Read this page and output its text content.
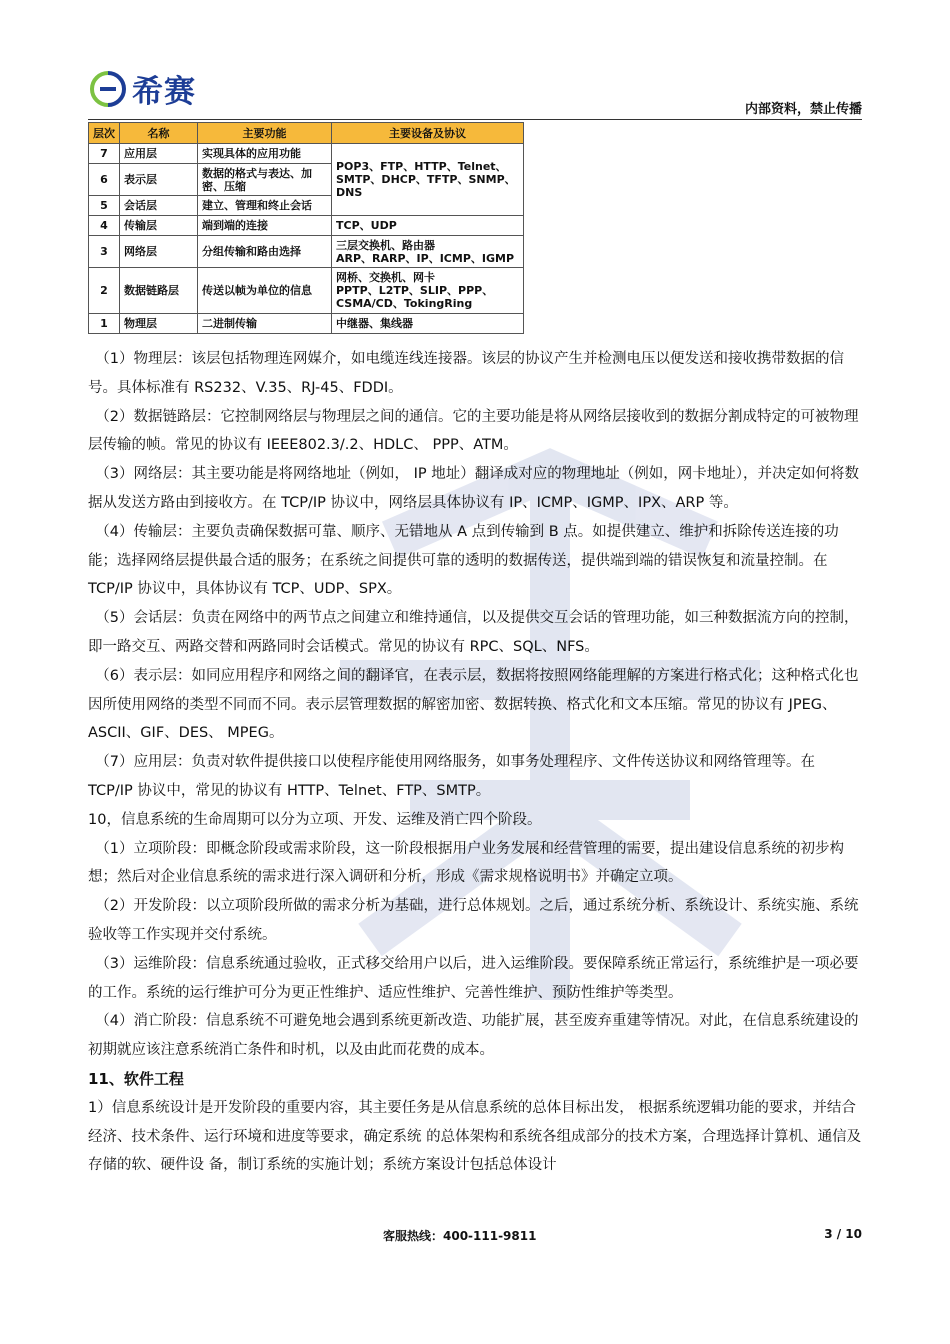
希赛	内部资料，禁止传播
层次	名称	主要功能	主要设备及协议
7	应用层	实现具体的应用功能	POP3、FTP、HTTP、Telnet、SMTP、DHCP、TFTP、SNMP、DNS
6	表示层	数据的格式与表达、加密、压缩	
5	会话层	建立、管理和终止会话	
4	传输层	端到端的连接	TCP、UDP
3	网络层	分组传输和路由选择	三层交换机、路由器
ARP、RARP、IP、ICMP、IGMP

2	数据链路层	传送以帧为单位的信息	网桥、交换机、网卡
PPTP、L2TP、SLIP、PPP、
CSMA/CD、TokingRing

1	物理层	二进制传输	中继器、集线器

（1）物理层：该层包括物理连网媒介，如电缆连线连接器。该层的协议产生并检测电压以便发送和接收携带数据的信号。具体标准有 RS232、V.35、RJ-45、FDDI。

（2）数据链路层：它控制网络层与物理层之间的通信。它的主要功能是将从网络层接收到的数据分割成特定的可被物理层传输的帧。常见的协议有 IEEE802.3/.2、HDLC、 PPP、ATM。

（3）网络层：其主要功能是将网络地址（例如， IP 地址）翻译成对应的物理地址（例如，网卡地址），并决定如何将数据从发送方路由到接收方。在 TCP/IP 协议中，网络层具体协议有 IP、ICMP、IGMP、IPX、ARP 等。

（4）传输层：主要负责确保数据可靠、顺序、无错地从 A 点到传输到 B 点。如提供建立、维护和拆除传送连接的功能；选择网络层提供最合适的服务；在系统之间提供可靠的透明的数据传送，提供端到端的错误恢复和流量控制。在 TCP/IP 协议中，具体协议有 TCP、UDP、SPX。

（5）会话层：负责在网络中的两节点之间建立和维持通信，以及提供交互会话的管理功能，如三种数据流方向的控制，即一路交互、两路交替和两路同时会话模式。常见的协议有 RPC、SQL、NFS。

（6）表示层：如同应用程序和网络之间的翻译官，在表示层，数据将按照网络能理解的方案进行格式化；这种格式化也因所使用网络的类型不同而不同。表示层管理数据的解密加密、数据转换、格式化和文本压缩。常见的协议有 JPEG、ASCII、GIF、DES、 MPEG。

（7）应用层：负责对软件提供接口以使程序能使用网络服务，如事务处理程序、文件传送协议和网络管理等。在 TCP/IP 协议中，常见的协议有 HTTP、Telnet、FTP、SMTP。

10，信息系统的生命周期可以分为立项、开发、运维及消亡四个阶段。

（1）立项阶段：即概念阶段或需求阶段，这一阶段根据用户业务发展和经营管理的需要，提出建设信息系统的初步构想；然后对企业信息系统的需求进行深入调研和分析，形成《需求规格说明书》并确定立项。

（2）开发阶段：以立项阶段所做的需求分析为基础，进行总体规划。之后，通过系统分析、系统设计、系统实施、系统验收等工作实现并交付系统。

（3）运维阶段：信息系统通过验收，正式移交给用户以后，进入运维阶段。要保障系统正常运行，系统维护是一项必要的工作。系统的运行维护可分为更正性维护、适应性维护、完善性维护、预防性维护等类型。

（4）消亡阶段：信息系统不可避免地会遇到系统更新改造、功能扩展，甚至废弃重建等情况。对此，在信息系统建设的初期就应该注意系统消亡条件和时机，以及由此而花费的成本。

11、软件工程

1）信息系统设计是开发阶段的重要内容，其主要任务是从信息系统的总体目标出发， 根据系统逻辑功能的要求，并结合经济、技术条件、运行环境和进度等要求，确定系统 的总体架构和系统各组成部分的技术方案，合理选择计算机、通信及存储的软、硬件设 备，制订系统的实施计划；系统方案设计包括总体设计

客服热线：400-111-9811	3 / 10
